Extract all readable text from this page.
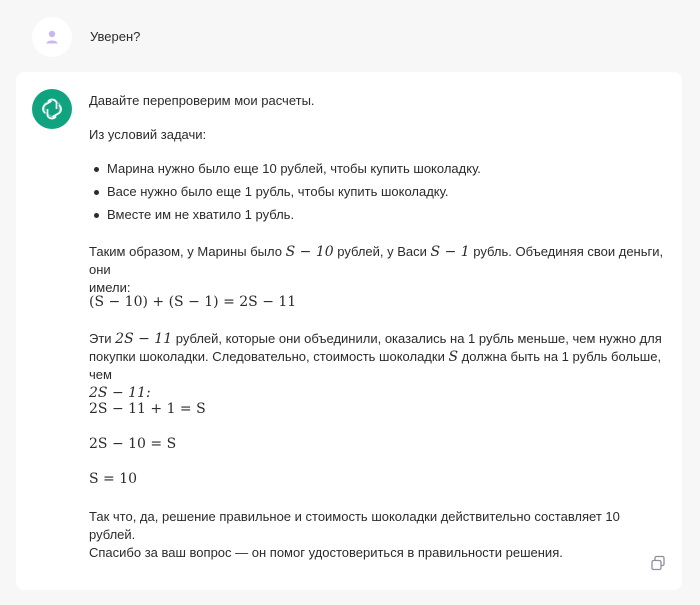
Уверен?

Давайте перепроверим мои расчеты.

Из условий задачи:

Марина нужно было еще 10 рублей, чтобы купить шоколадку.
Васе нужно было еще 1 рубль, чтобы купить шоколадку.
Вместе им не хватило 1 рубль.

Таким образом, у Марины было S − 10 рублей, у Васи S − 1 рубль. Объединяя свои деньги, они
имели:

(S − 10) + (S − 1) = 2S − 11

Эти 2S − 11 рублей, которые они объединили, оказались на 1 рубль меньше, чем нужно для
покупки шоколадки. Следовательно, стоимость шоколадки S должна быть на 1 рубль больше, чем
2S − 11:

2S − 11 + 1 = S
2S − 10 = S
S = 10

Так что, да, решение правильное и стоимость шоколадки действительно составляет 10 рублей.
Спасибо за ваш вопрос — он помог удостовериться в правильности решения.
